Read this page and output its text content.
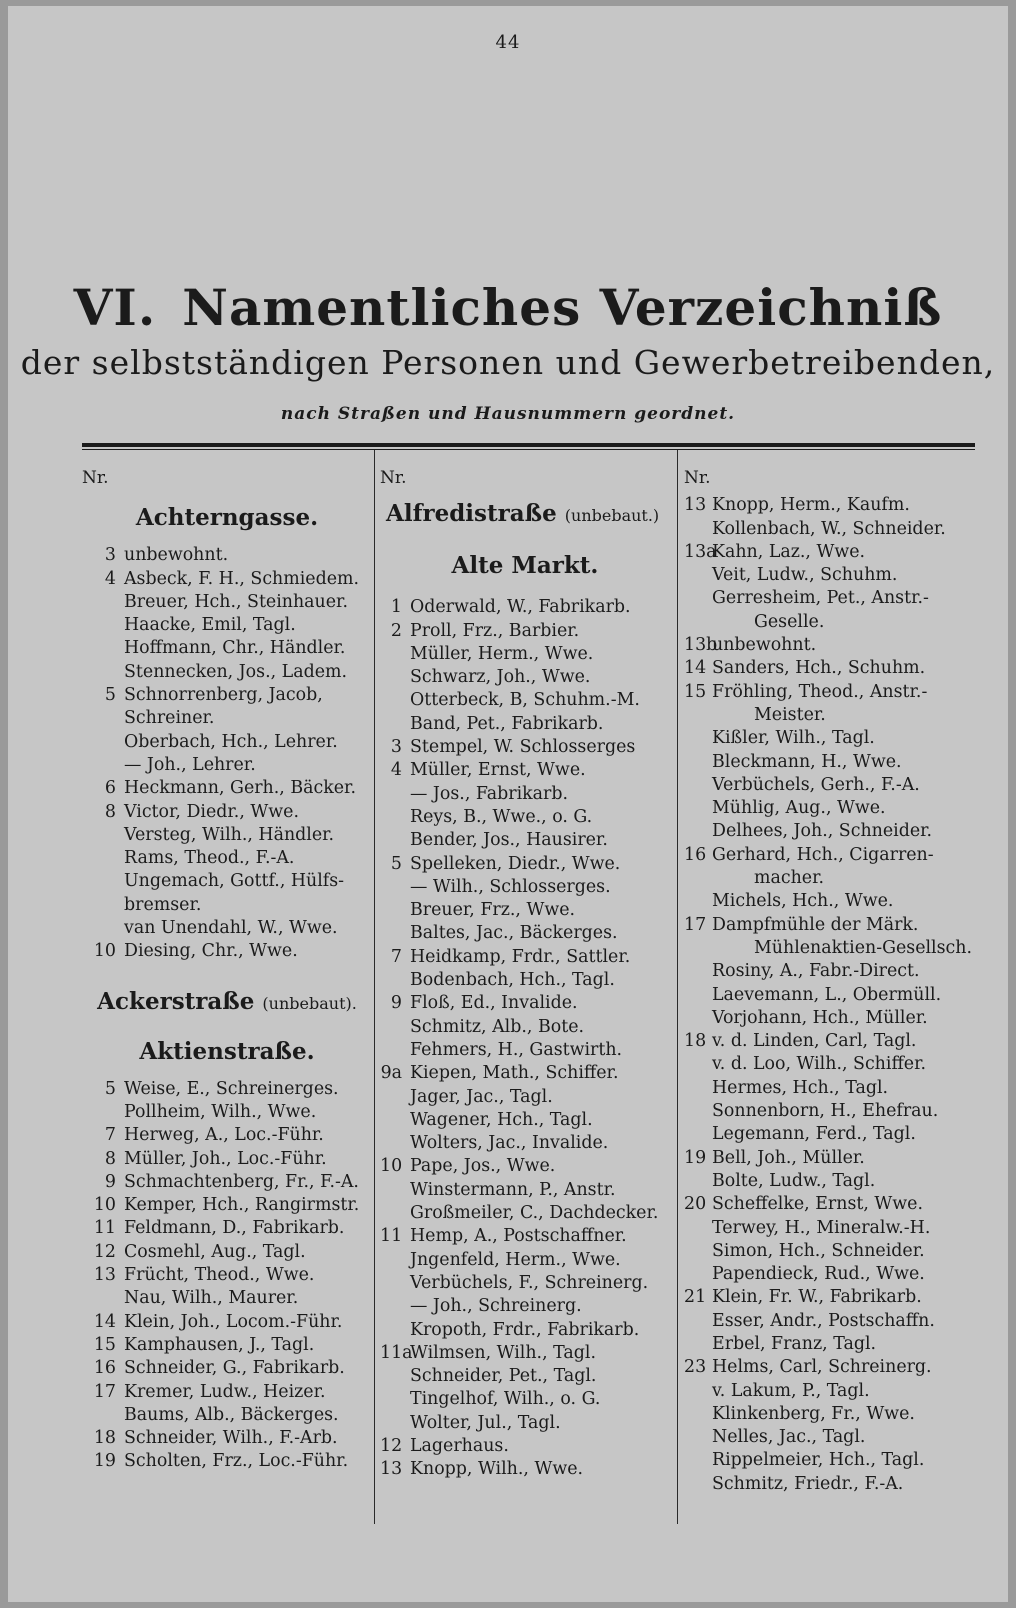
44
VI. Namentliches Verzeichniß
der selbstständigen Personen und Gewerbetreibenden,
nach Straßen und Hausnummern geordnet.
Nr.
Achterngasse.
3 unbewohnt.
4 Asbeck, F. H., Schmiedem.
Breuer, Hch., Steinhauer.
Haacke, Emil, Tagl.
Hoffmann, Chr., Händler.
Stennecken, Jos., Ladem.
5 Schnorrenberg, Jacob,
Schreiner.
Oberbach, Hch., Lehrer.
— Joh., Lehrer.
6 Heckmann, Gerh., Bäcker.
8 Victor, Diedr., Wwe.
Versteg, Wilh., Händler.
Rams, Theod., F.-A.
Ungemach, Gottf., Hülfs-
bremser.
van Unendahl, W., Wwe.
10 Diesing, Chr., Wwe.
Ackerstraße (unbebaut).
Aktienstraße.
5 Weise, E., Schreinerges.
Pollheim, Wilh., Wwe.
7 Herweg, A., Loc.-Führ.
8 Müller, Joh., Loc.-Führ.
9 Schmachtenberg, Fr., F.-A.
10 Kemper, Hch., Rangirmstr.
11 Feldmann, D., Fabrikarb.
12 Cosmehl, Aug., Tagl.
13 Frücht, Theod., Wwe.
Nau, Wilh., Maurer.
14 Klein, Joh., Locom.-Führ.
15 Kamphausen, J., Tagl.
16 Schneider, G., Fabrikarb.
17 Kremer, Ludw., Heizer.
Baums, Alb., Bäckerges.
18 Schneider, Wilh., F.-Arb.
19 Scholten, Frz., Loc.-Führ.
Nr.
Alfredistraße (unbebaut.)
Alte Markt.
1 Oderwald, W., Fabrikarb.
2 Proll, Frz., Barbier.
Müller, Herm., Wwe.
Schwarz, Joh., Wwe.
Otterbeck, B, Schuhm.-M.
Band, Pet., Fabrikarb.
3 Stempel, W. Schlosserges
4 Müller, Ernst, Wwe.
— Jos., Fabrikarb.
Reys, B., Wwe., o. G.
Bender, Jos., Hausirer.
5 Spelleken, Diedr., Wwe.
— Wilh., Schlosserges.
Breuer, Frz., Wwe.
Baltes, Jac., Bäckerges.
7 Heidkamp, Frdr., Sattler.
Bodenbach, Hch., Tagl.
9 Floß, Ed., Invalide.
Schmitz, Alb., Bote.
Fehmers, H., Gastwirth.
9a Kiepen, Math., Schiffer.
Jager, Jac., Tagl.
Wagener, Hch., Tagl.
Wolters, Jac., Invalide.
10 Pape, Jos., Wwe.
Winstermann, P., Anstr.
Großmeiler, C., Dachdecker.
11 Hemp, A., Postschaffner.
Jngenfeld, Herm., Wwe.
Verbüchels, F., Schreinerg.
— Joh., Schreinerg.
Kropoth, Frdr., Fabrikarb.
11aWilmsen, Wilh., Tagl.
Schneider, Pet., Tagl.
Tingelhof, Wilh., o. G.
Wolter, Jul., Tagl.
12 Lagerhaus.
13 Knopp, Wilh., Wwe.
Nr.
13 Knopp, Herm., Kaufm.
Kollenbach, W., Schneider.
13aKahn, Laz., Wwe.
Veit, Ludw., Schuhm.
Gerresheim, Pet., Anstr.-
Geselle.
13bunbewohnt.
14 Sanders, Hch., Schuhm.
15 Fröhling, Theod., Anstr.-
Meister.
Kißler, Wilh., Tagl.
Bleckmann, H., Wwe.
Verbüchels, Gerh., F.-A.
Mühlig, Aug., Wwe.
Delhees, Joh., Schneider.
16 Gerhard, Hch., Cigarren-
macher.
Michels, Hch., Wwe.
17 Dampfmühle der Märk.
Mühlenaktien-Gesellsch.
Rosiny, A., Fabr.-Direct.
Laevemann, L., Obermüll.
Vorjohann, Hch., Müller.
18 v. d. Linden, Carl, Tagl.
v. d. Loo, Wilh., Schiffer.
Hermes, Hch., Tagl.
Sonnenborn, H., Ehefrau.
Legemann, Ferd., Tagl.
19 Bell, Joh., Müller.
Bolte, Ludw., Tagl.
20 Scheffelke, Ernst, Wwe.
Terwey, H., Mineralw.-H.
Simon, Hch., Schneider.
Papendieck, Rud., Wwe.
21 Klein, Fr. W., Fabrikarb.
Esser, Andr., Postschaffn.
Erbel, Franz, Tagl.
23 Helms, Carl, Schreinerg.
v. Lakum, P., Tagl.
Klinkenberg, Fr., Wwe.
Nelles, Jac., Tagl.
Rippelmeier, Hch., Tagl.
Schmitz, Friedr., F.-A.
